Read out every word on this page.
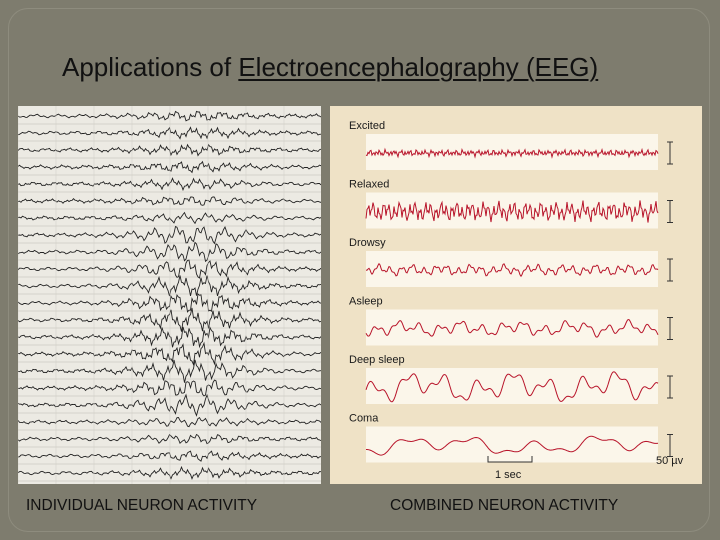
Applications of Electroencephalography (EEG)
Excited
Relaxed
Drowsy
Asleep
Deep sleep
Coma
1 sec
50 µv
INDIVIDUAL NEURON ACTIVITY	COMBINED NEURON ACTIVITY
